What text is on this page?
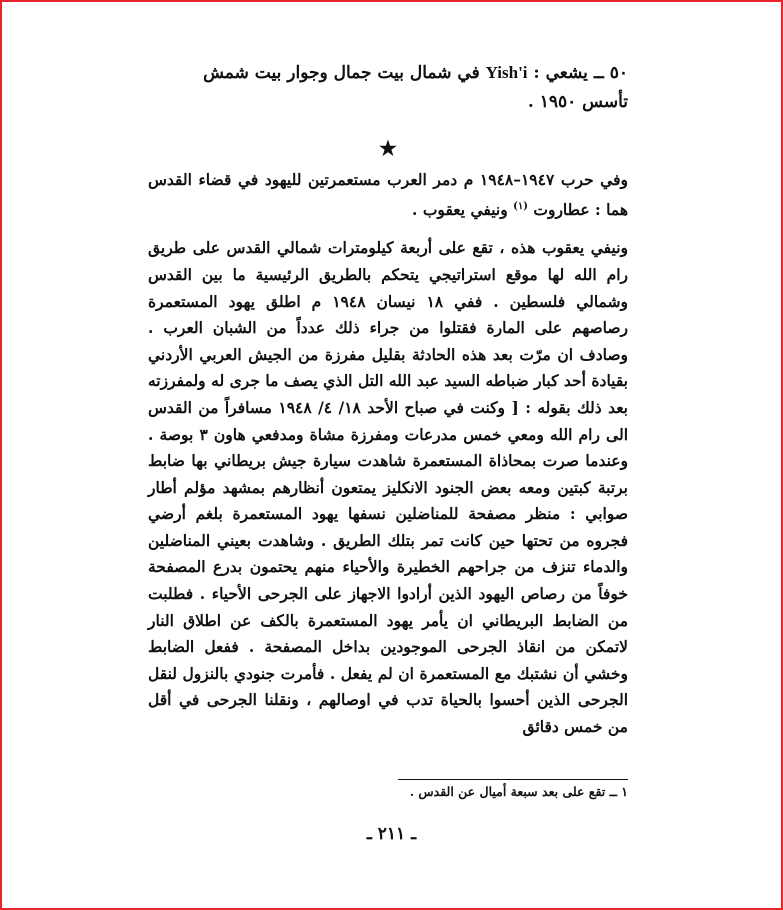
٥٠ ــ يشعي : Yish'i في شمال بيت جمال وجوار بيت شمش
تأسس ١٩٥٠ .

★

وفي حرب ١٩٤٧–١٩٤٨ م دمر العرب مستعمرتين لليهود في قضاء القدس هما : عطاروت $^{(١)}$ ونيفي يعقوب .

ونيفي يعقوب هذه ، تقع على أربعة كيلومترات شمالي القدس على طريق رام الله لها موقع استراتيجي يتحكم بالطريق الرئيسية ما بين القدس وشمالي فلسطين . ففي ١٨ نيسان ١٩٤٨ م اطلق يهود المستعمرة رصاصهم على المارة فقتلوا من جراء ذلك عدداً من الشبان العرب . وصادف ان مرّت بعد هذه الحادثة بقليل مفرزة من الجيش العربي الأردني بقيادة أحد كبار ضباطه السيد عبد الله التل الذي يصف ما جرى له ولمفرزته بعد ذلك بقوله : [ وكنت في صباح الأحد ١٨/ ٤/ ١٩٤٨ مسافراً من القدس الى رام الله ومعي خمس مدرعات ومفرزة مشاة ومدفعي هاون ٣ بوصة . وعندما صرت بمحاذاة المستعمرة شاهدت سيارة جيش بريطاني بها ضابط برتبة كبتين ومعه بعض الجنود الانكليز يمتعون أنظارهم بمشهد مؤلم أطار صوابي : منظر مصفحة للمناضلين نسفها يهود المستعمرة بلغم أرضي فجروه من تحتها حين كانت تمر بتلك الطريق . وشاهدت بعيني المناضلين والدماء تنزف من جراحهم الخطيرة والأحياء منهم يحتمون بدرع المصفحة خوفاً من رصاص اليهود الذين أرادوا الاجهاز على الجرحى الأحياء . فطلبت من الضابط البريطاني ان يأمر يهود المستعمرة بالكف عن اطلاق النار لاتمكن من انقاذ الجرحى الموجودين بداخل المصفحة . ففعل الضابط وخشي أن نشتبك مع المستعمرة ان لم يفعل . فأمرت جنودي بالنزول لنقل الجرحى الذين أحسوا بالحياة تدب في اوصالهم ، ونقلنا الجرحى في أقل من خمس دقائق

١ ــ تقع على بعد سبعة أميال عن القدس .
ـ ٢١١ ـ
